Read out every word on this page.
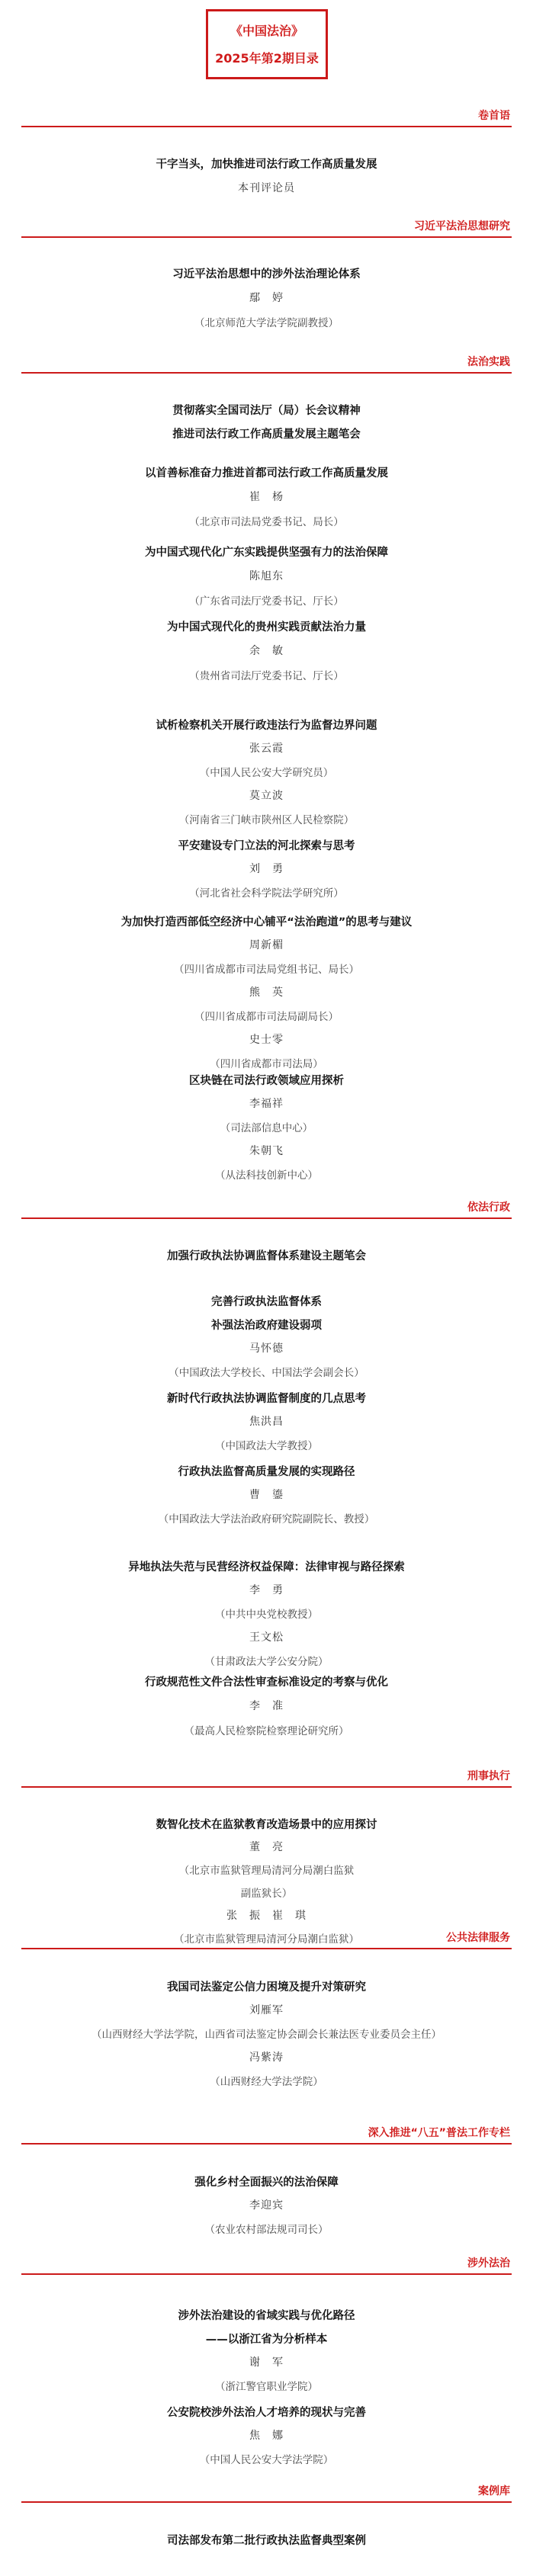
《中国法治》
2025年第2期目录
卷首语
干字当头，加快推进司法行政工作高质量发展
本刊评论员
习近平法治思想研究
习近平法治思想中的涉外法治理论体系
鄢　婷
（北京师范大学法学院副教授）
法治实践
贯彻落实全国司法厅（局）长会议精神
推进司法行政工作高质量发展主题笔会
以首善标准奋力推进首都司法行政工作高质量发展
崔　杨
（北京市司法局党委书记、局长）
为中国式现代化广东实践提供坚强有力的法治保障
陈旭东
（广东省司法厅党委书记、厅长）
为中国式现代化的贵州实践贡献法治力量
余　敏
（贵州省司法厅党委书记、厅长）
试析检察机关开展行政违法行为监督边界问题
张云霞
（中国人民公安大学研究员）
莫立波
（河南省三门峡市陕州区人民检察院）
平安建设专门立法的河北探索与思考
刘　勇
（河北省社会科学院法学研究所）
为加快打造西部低空经济中心铺平“法治跑道”的思考与建议
周新楣
（四川省成都市司法局党组书记、局长）
熊　英
（四川省成都市司法局副局长）
史士零
（四川省成都市司法局）
区块链在司法行政领域应用探析
李福祥
（司法部信息中心）
朱朝飞
（从法科技创新中心）
依法行政
加强行政执法协调监督体系建设主题笔会
完善行政执法监督体系
补强法治政府建设弱项
马怀德
（中国政法大学校长、中国法学会副会长）
新时代行政执法协调监督制度的几点思考
焦洪昌
（中国政法大学教授）
行政执法监督高质量发展的实现路径
曹　鎏
（中国政法大学法治政府研究院副院长、教授）
异地执法失范与民营经济权益保障：法律审视与路径探索
李　勇
（中共中央党校教授）
王文松
（甘肃政法大学公安分院）
行政规范性文件合法性审查标准设定的考察与优化
李　准
（最高人民检察院检察理论研究所）
刑事执行
数智化技术在监狱教育改造场景中的应用探讨
董　亮
（北京市监狱管理局清河分局潮白监狱
副监狱长）
张　振　崔　琪
（北京市监狱管理局清河分局潮白监狱）	公共法律服务
我国司法鉴定公信力困境及提升对策研究
刘雁军
（山西财经大学法学院，山西省司法鉴定协会副会长兼法医专业委员会主任）
冯紫涛
（山西财经大学法学院）
深入推进“八五”普法工作专栏
强化乡村全面振兴的法治保障
李迎宾
（农业农村部法规司司长）
涉外法治
涉外法治建设的省域实践与优化路径
——以浙江省为分析样本
谢　军
（浙江警官职业学院）
公安院校涉外法治人才培养的现状与完善
焦　娜
（中国人民公安大学法学院）
案例库
司法部发布第二批行政执法监督典型案例
